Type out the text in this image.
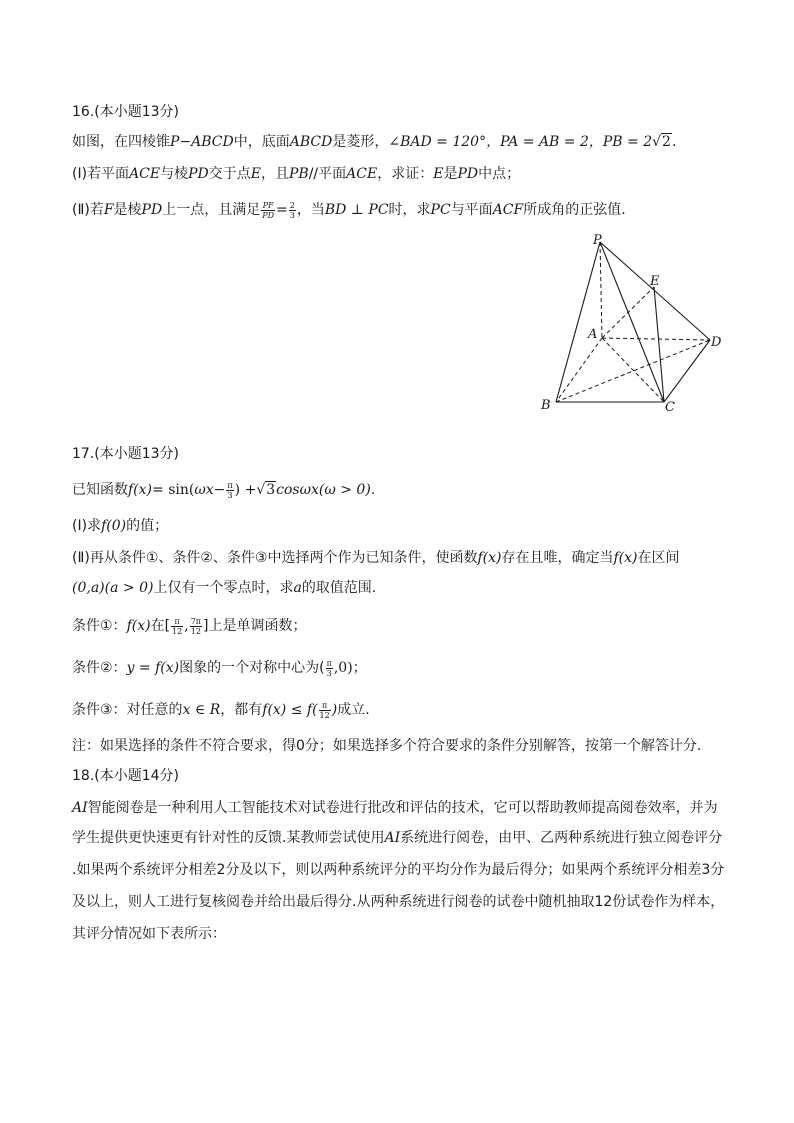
16.(本小题13分)
如图，在四棱锥P−ABCD中，底面ABCD是菱形，∠BAD = 120°，PA = AB = 2，PB = 2√2.
(Ⅰ)若平面ACE与棱PD交于点E，且PB//平面ACE，求证：E是PD中点；
(Ⅱ)若F是棱PD上一点，且满足 $\frac{PF}{PD} = \frac{2}{3}$ ，当BD ⊥ PC时，求PC与平面ACF所成角的正弦值.
P
E
A
D
B	C
17.(本小题13分)
已知函数$f(x)= \sin(\omega x- \frac{\pi}{3}$ ) +√3cosωx(ω > 0).
(Ⅰ)求f(0)的值；
(Ⅱ)再从条件①、条件②、条件③中选择两个作为已知条件，使函数f(x)存在且唯，确定当f(x)在区间
(0,a)(a > 0)上仅有一个零点时，求a的取值范围.
条件①：f(x)在[ $\frac{\pi}{12}$ , $\frac{7\pi}{12}$ ]上是单调函数；
条件②：y = f(x)图象的一个对称中心为( $\frac{\pi}{3} ,0$)；
条件③：对任意的x ∈ R，都有$f(x) \le f( \frac{\pi}{12}$ )成立.
注：如果选择的条件不符合要求，得0分；如果选择多个符合要求的条件分别解答，按第一个解答计分.
18.(本小题14分)
AI智能阅卷是一种利用人工智能技术对试卷进行批改和评估的技术，它可以帮助教师提高阅卷效率，并为
学生提供更快速更有针对性的反馈.某教师尝试使用AI系统进行阅卷，由甲、乙两种系统进行独立阅卷评分
.如果两个系统评分相差2分及以下，则以两种系统评分的平均分作为最后得分；如果两个系统评分相差3分
及以上，则人工进行复核阅卷并给出最后得分.从两种系统进行阅卷的试卷中随机抽取12份试卷作为样本，
其评分情况如下表所示：
